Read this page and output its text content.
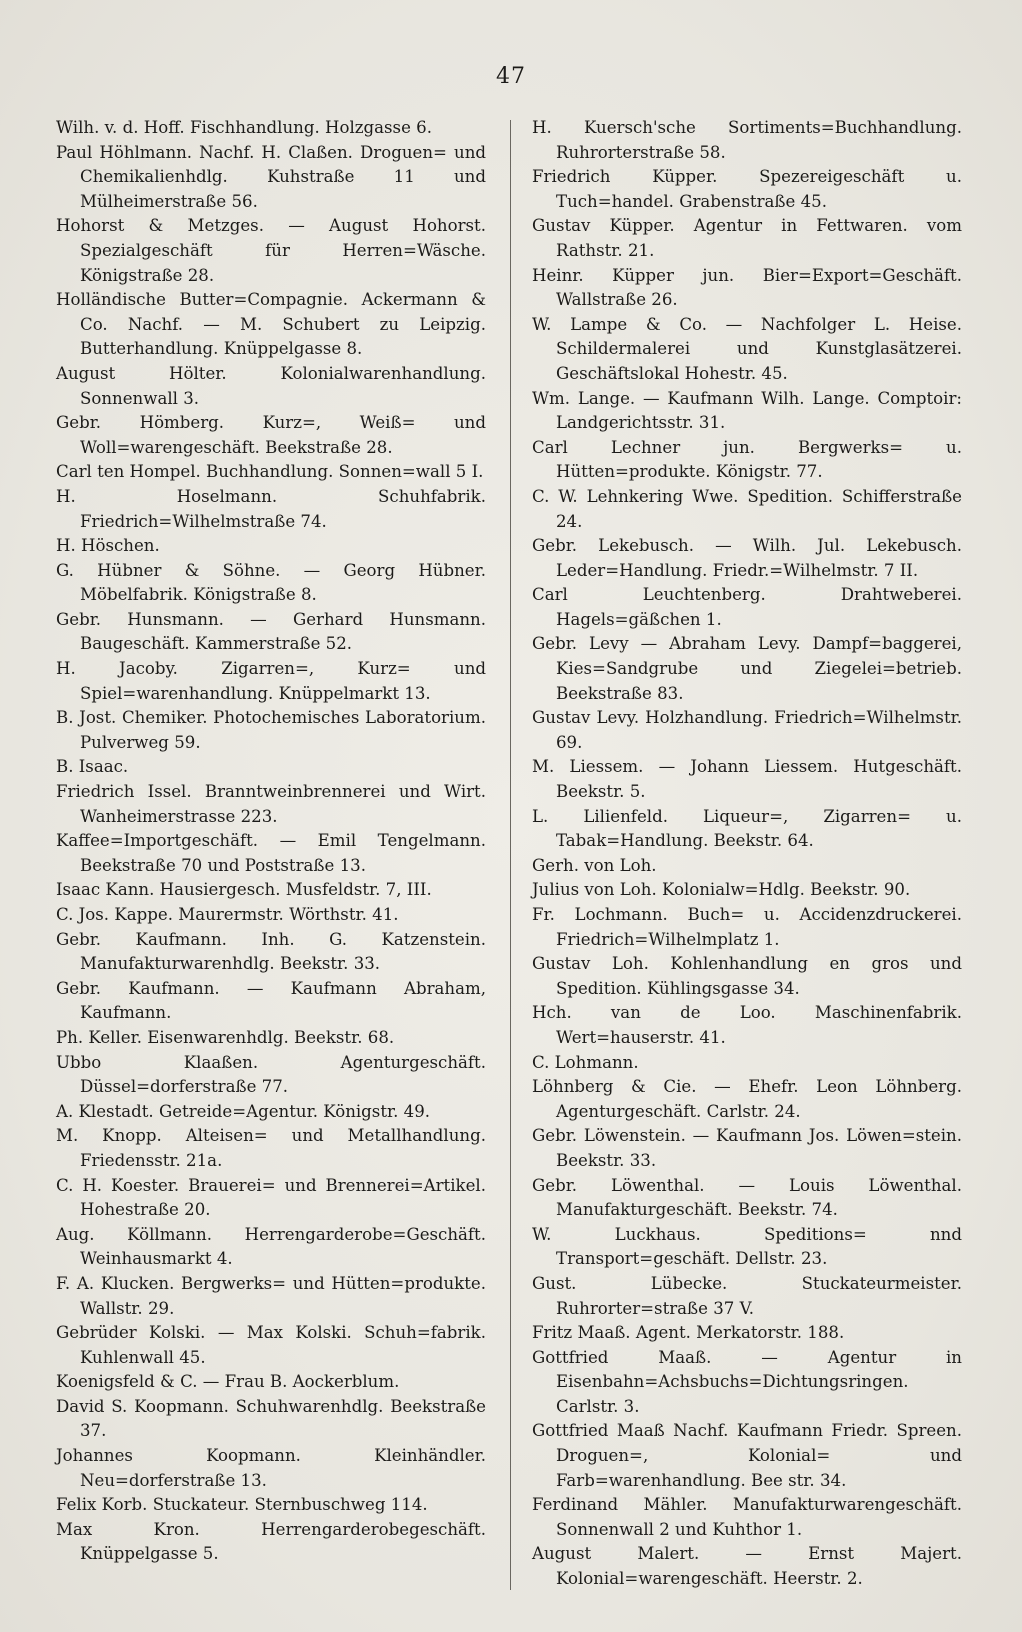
47

Wilh. v. d. Hoff. Fischhandlung. Holzgasse 6.

Paul Höhlmann. Nachf. H. Claßen. Droguen= und Chemikalienhdlg. Kuhstraße 11 und Mülheimerstraße 56.

Hohorst & Metzges. — August Hohorst. Spezialgeschäft für Herren=Wäsche. Königstraße 28.

Holländische Butter=Compagnie. Ackermann & Co. Nachf. — M. Schubert zu Leipzig. Butterhandlung. Knüppelgasse 8.

August Hölter. Kolonialwarenhandlung. Sonnenwall 3.

Gebr. Hömberg. Kurz=, Weiß= und Woll=warengeschäft. Beekstraße 28.

Carl ten Hompel. Buchhandlung. Sonnen=wall 5 I.

H. Hoselmann. Schuhfabrik. Friedrich=Wilhelmstraße 74.

H. Höschen.

G. Hübner & Söhne. — Georg Hübner. Möbelfabrik. Königstraße 8.

Gebr. Hunsmann. — Gerhard Hunsmann. Baugeschäft. Kammerstraße 52.

H. Jacoby. Zigarren=, Kurz= und Spiel=warenhandlung. Knüppelmarkt 13.

B. Jost. Chemiker. Photochemisches Laboratorium. Pulverweg 59.

B. Isaac.

Friedrich Issel. Branntweinbrennerei und Wirt. Wanheimerstrasse 223.

Kaffee=Importgeschäft. — Emil Tengelmann. Beekstraße 70 und Poststraße 13.

Isaac Kann. Hausiergesch. Musfeldstr. 7, III.

C. Jos. Kappe. Maurermstr. Wörthstr. 41.

Gebr. Kaufmann. Inh. G. Katzenstein. Manufakturwarenhdlg. Beekstr. 33.

Gebr. Kaufmann. — Kaufmann Abraham, Kaufmann.

Ph. Keller. Eisenwarenhdlg. Beekstr. 68.

Ubbo Klaaßen. Agenturgeschäft. Düssel=dorferstraße 77.

A. Klestadt. Getreide=Agentur. Königstr. 49.

M. Knopp. Alteisen= und Metallhandlung. Friedensstr. 21a.

C. H. Koester. Brauerei= und Brennerei=Artikel. Hohestraße 20.

Aug. Köllmann. Herrengarderobe=Geschäft. Weinhausmarkt 4.

F. A. Klucken. Bergwerks= und Hütten=produkte. Wallstr. 29.

Gebrüder Kolski. — Max Kolski. Schuh=fabrik. Kuhlenwall 45.

Koenigsfeld & C. — Frau B. Aockerblum.

David S. Koopmann. Schuhwarenhdlg. Beekstraße 37.

Johannes Koopmann. Kleinhändler. Neu=dorferstraße 13.

Felix Korb. Stuckateur. Sternbuschweg 114.

Max Kron. Herrengarderobegeschäft. Knüppelgasse 5.

H. Kuersch'sche Sortiments=Buchhandlung. Ruhrorterstraße 58.

Friedrich Küpper. Spezereigeschäft u. Tuch=handel. Grabenstraße 45.

Gustav Küpper. Agentur in Fettwaren. vom Rathstr. 21.

Heinr. Küpper jun. Bier=Export=Geschäft. Wallstraße 26.

W. Lampe & Co. — Nachfolger L. Heise. Schildermalerei und Kunstglasätzerei. Geschäftslokal Hohestr. 45.

Wm. Lange. — Kaufmann Wilh. Lange. Comptoir: Landgerichtsstr. 31.

Carl Lechner jun. Bergwerks= u. Hütten=produkte. Königstr. 77.

C. W. Lehnkering Wwe. Spedition. Schifferstraße 24.

Gebr. Lekebusch. — Wilh. Jul. Lekebusch. Leder=Handlung. Friedr.=Wilhelmstr. 7 II.

Carl Leuchtenberg. Drahtweberei. Hagels=gäßchen 1.

Gebr. Levy — Abraham Levy. Dampf=baggerei, Kies=Sandgrube und Ziegelei=betrieb. Beekstraße 83.

Gustav Levy. Holzhandlung. Friedrich=Wilhelmstr. 69.

M. Liessem. — Johann Liessem. Hutgeschäft. Beekstr. 5.

L. Lilienfeld. Liqueur=, Zigarren= u. Tabak=Handlung. Beekstr. 64.

Gerh. von Loh.

Julius von Loh. Kolonialw=Hdlg. Beekstr. 90.

Fr. Lochmann. Buch= u. Accidenzdruckerei. Friedrich=Wilhelmplatz 1.

Gustav Loh. Kohlenhandlung en gros und Spedition. Kühlingsgasse 34.

Hch. van de Loo. Maschinenfabrik. Wert=hauserstr. 41.

C. Lohmann.

Löhnberg & Cie. — Ehefr. Leon Löhnberg. Agenturgeschäft. Carlstr. 24.

Gebr. Löwenstein. — Kaufmann Jos. Löwen=stein. Beekstr. 33.

Gebr. Löwenthal. — Louis Löwenthal. Manufakturgeschäft. Beekstr. 74.

W. Luckhaus. Speditions= nnd Transport=geschäft. Dellstr. 23.

Gust. Lübecke. Stuckateurmeister. Ruhrorter=straße 37 V.

Fritz Maaß. Agent. Merkatorstr. 188.

Gottfried Maaß. — Agentur in Eisenbahn=Achsbuchs=Dichtungsringen. Carlstr. 3.

Gottfried Maaß Nachf. Kaufmann Friedr. Spreen. Droguen=, Kolonial= und Farb=warenhandlung. Bee str. 34.

Ferdinand Mähler. Manufakturwarengeschäft. Sonnenwall 2 und Kuhthor 1.

August Malert. — Ernst Majert. Kolonial=warengeschäft. Heerstr. 2.
